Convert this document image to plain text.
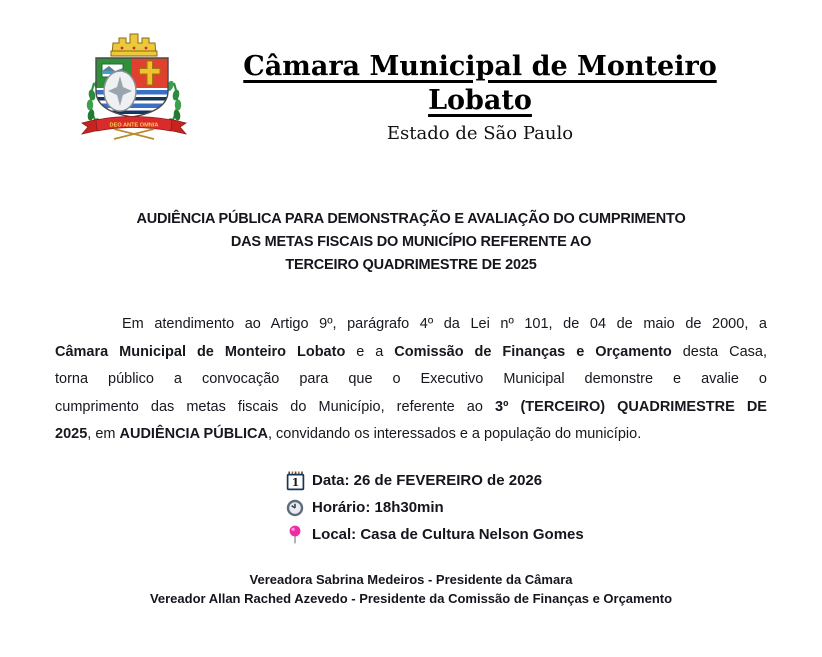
DEO ANTE OMNIA
Câmara Municipal de Monteiro Lobato
Estado de São Paulo
AUDIÊNCIA PÚBLICA PARA DEMONSTRAÇÃO E AVALIAÇÃO DO CUMPRIMENTO
DAS METAS FISCAIS DO MUNICÍPIO REFERENTE AO
TERCEIRO QUADRIMESTRE DE 2025
Em atendimento ao Artigo 9º, parágrafo 4º da Lei nº 101, de 04 de maio de 2000, a
Câmara Municipal de Monteiro Lobato e a Comissão de Finanças e Orçamento desta Casa,
torna público a convocação para que o Executivo Municipal demonstre e avalie o
cumprimento das metas fiscais do Município, referente ao 3º (TERCEIRO) QUADRIMESTRE DE
2025, em AUDIÊNCIA PÚBLICA, convidando os interessados e a população do município.
1 Data: 26 de FEVEREIRO de 2026
Horário: 18h30min
Local: Casa de Cultura Nelson Gomes
Vereadora Sabrina Medeiros - Presidente da Câmara
Vereador Allan Rached Azevedo - Presidente da Comissão de Finanças e Orçamento
